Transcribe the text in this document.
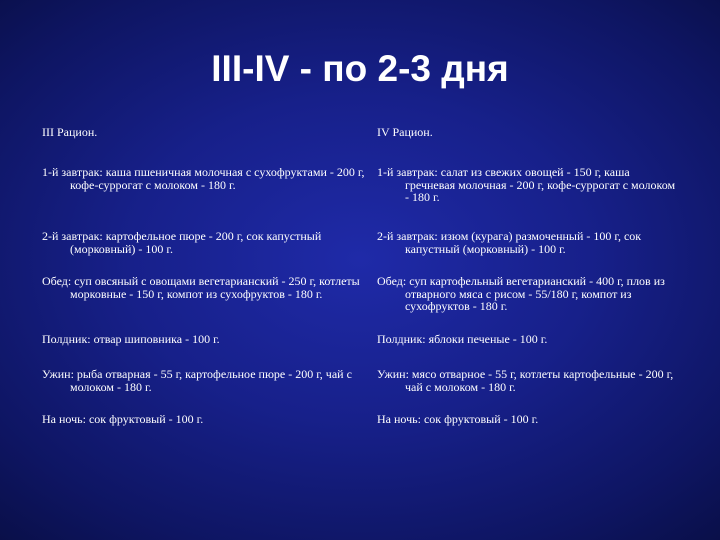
III-IV - по 2-3 дня
III Рацион.	IV Рацион.

1-й завтрак: каша пшеничная молочная с сухофруктами - 200 г, кофе-суррогат с молоком - 180 г.	1-й завтрак: салат из свежих овощей - 150 г, каша гречневая молочная - 200 г, кофе-суррогат с молоком - 180 г.

2-й завтрак: картофельное пюре - 200 г, сок капустный (морковный) - 100 г.	2-й завтрак: изюм (курага) размоченный - 100 г, сок капустный (морковный) - 100 г.

Обед: суп овсяный с овощами вегетарианский - 250 г, котлеты морковные - 150 г, компот из сухофруктов - 180 г.	Обед: суп картофельный вегетарианский - 400 г, плов из отварного мяса с рисом - 55/180 г, компот из сухофруктов - 180 г.

Полдник: отвар шиповника - 100 г.	Полдник: яблоки печеные - 100 г.

Ужин: рыба отварная - 55 г, картофельное пюре - 200 г, чай с молоком - 180 г.	Ужин: мясо отварное - 55 г, котлеты картофельные - 200 г, чай с молоком - 180 г.

На ночь: сок фруктовый - 100 г.	На ночь: сок фруктовый - 100 г.
